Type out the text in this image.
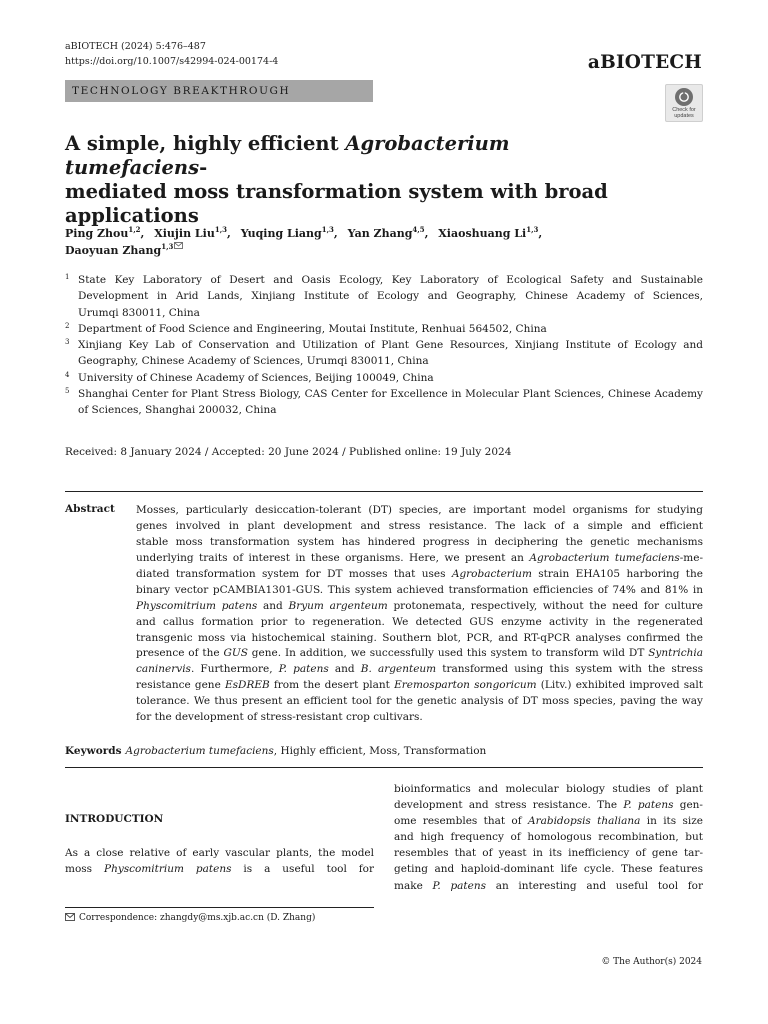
aBIOTECH (2024) 5:476–487
https://doi.org/10.1007/s42994-024-00174-4	aBIOTECH
TECHNOLOGY BREAKTHROUGH
Check for
updates
A simple, highly efficient Agrobacterium tumefaciens-
mediated moss transformation system with broad
applications
Ping Zhou$^{1,2}$, Xiujin Liu$^{1,3}$, Yuqing Liang$^{1,3}$, Yan Zhang$^{4,5}$, Xiaoshuang Li$^{1,3}$,
Daoyuan Zhang$^{1,3}$
1 State Key Laboratory of Desert and Oasis Ecology, Key Laboratory of Ecological Safety and Sustainable
Development in Arid Lands, Xinjiang Institute of Ecology and Geography, Chinese Academy of Sciences,
Urumqi 830011, China
2 Department of Food Science and Engineering, Moutai Institute, Renhuai 564502, China
3 Xinjiang Key Lab of Conservation and Utilization of Plant Gene Resources, Xinjiang Institute of Ecology and
Geography, Chinese Academy of Sciences, Urumqi 830011, China
4 University of Chinese Academy of Sciences, Beijing 100049, China
5 Shanghai Center for Plant Stress Biology, CAS Center for Excellence in Molecular Plant Sciences, Chinese Academy
of Sciences, Shanghai 200032, China
Received: 8 January 2024 / Accepted: 20 June 2024 / Published online: 19 July 2024
Abstract Mosses, particularly desiccation-tolerant (DT) species, are important model organisms for studying
genes involved in plant development and stress resistance. The lack of a simple and efficient
stable moss transformation system has hindered progress in deciphering the genetic mechanisms
underlying traits of interest in these organisms. Here, we present an Agrobacterium tumefaciens-me-
diated transformation system for DT mosses that uses Agrobacterium strain EHA105 harboring the
binary vector pCAMBIA1301-GUS. This system achieved transformation efficiencies of 74% and 81% in
Physcomitrium patens and Bryum argenteum protonemata, respectively, without the need for culture
and callus formation prior to regeneration. We detected GUS enzyme activity in the regenerated
transgenic moss via histochemical staining. Southern blot, PCR, and RT-qPCR analyses confirmed the
presence of the GUS gene. In addition, we successfully used this system to transform wild DT Syntrichia
caninervis. Furthermore, P. patens and B. argenteum transformed using this system with the stress
resistance gene EsDREB from the desert plant Eremosparton songoricum (Litv.) exhibited improved salt
tolerance. We thus present an efficient tool for the genetic analysis of DT moss species, paving the way
for the development of stress-resistant crop cultivars.
Keywords Agrobacterium tumefaciens, Highly efficient, Moss, Transformation
INTRODUCTION
As a close relative of early vascular plants, the model
moss Physcomitrium patens is a useful tool for
bioinformatics and molecular biology studies of plant
development and stress resistance. The P. patens gen-
ome resembles that of Arabidopsis thaliana in its size
and high frequency of homologous recombination, but
resembles that of yeast in its inefficiency of gene tar-
geting and haploid-dominant life cycle. These features
make P. patens an interesting and useful tool for
Correspondence: zhangdy@ms.xjb.ac.cn (D. Zhang)
© The Author(s) 2024
